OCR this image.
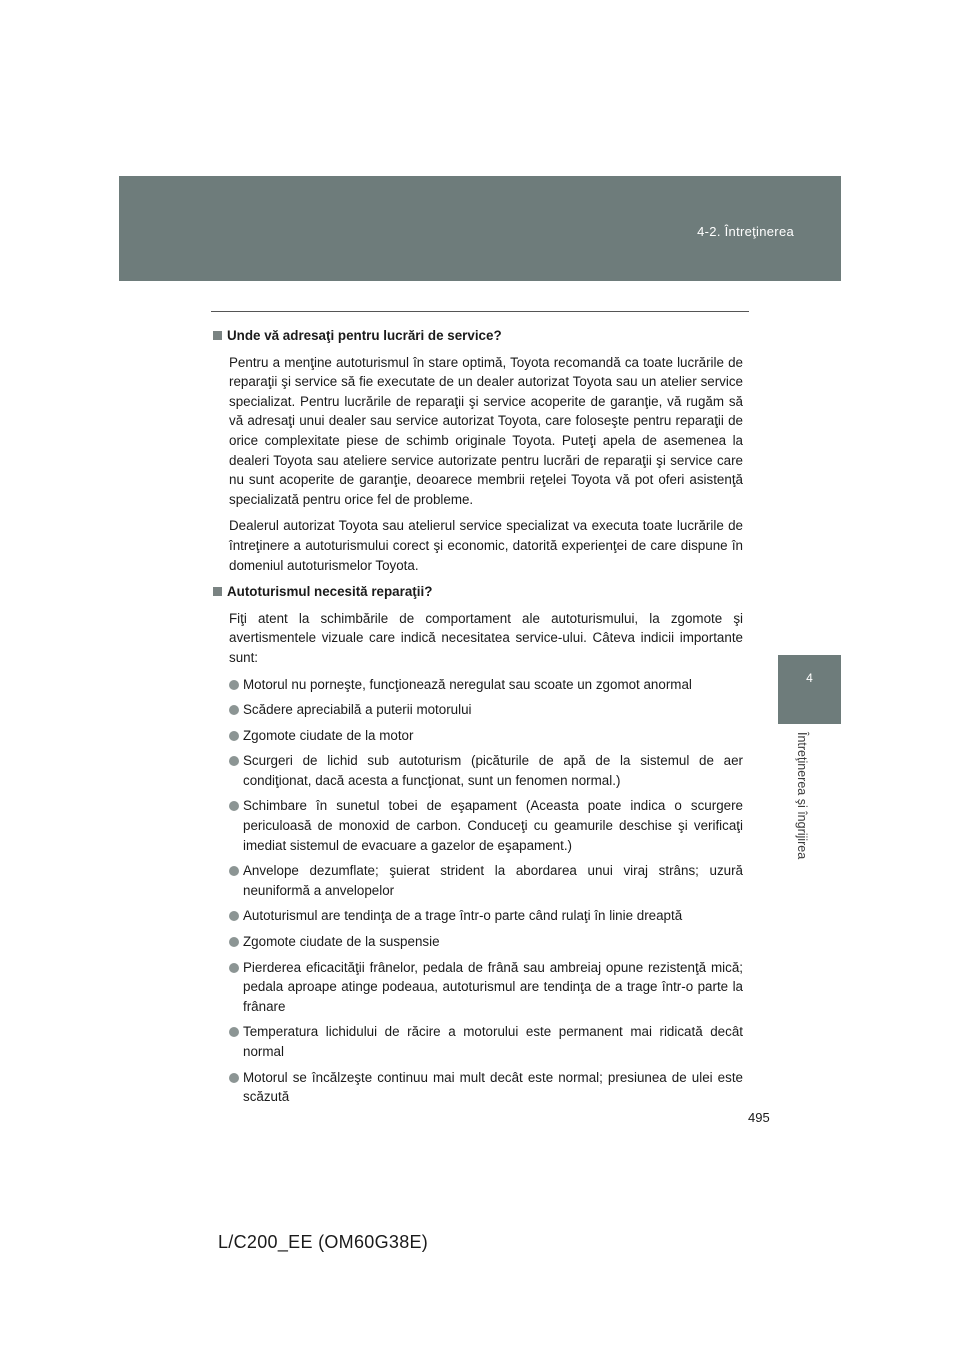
4-2. Întreţinerea
4
Întreţinerea şi îngrijirea
Unde vă adresaţi pentru lucrări de service?

Pentru a menţine autoturismul în stare optimă, Toyota recomandă ca toate lucrările de reparaţii şi service să fie executate de un dealer autorizat Toyota sau un atelier service specializat. Pentru lucrările de reparaţii şi service acoperite de garanţie, vă rugăm să vă adresaţi unui dealer sau service autorizat Toyota, care foloseşte pentru reparaţii de orice complexitate piese de schimb originale Toyota. Puteţi apela de asemenea la dealeri Toyota sau ateliere service autorizate pentru lucrări de reparaţii şi service care nu sunt acoperite de garanţie, deoarece membrii reţelei Toyota vă pot oferi asistenţă specializată pentru orice fel de probleme.

Dealerul autorizat Toyota sau atelierul service specializat va executa toate lucrările de întreţinere a autoturismului corect şi economic, datorită experienţei de care dispune în domeniul autoturismelor Toyota.

Autoturismul necesită reparaţii?

Fiţi atent la schimbările de comportament ale autoturismului, la zgomote şi avertismentele vizuale care indică necesitatea service-ului. Câteva indicii importante sunt:

Motorul nu porneşte, funcţionează neregulat sau scoate un zgomot anormal
Scădere apreciabilă a puterii motorului
Zgomote ciudate de la motor
Scurgeri de lichid sub autoturism (picăturile de apă de la sistemul de aer condiţionat, dacă acesta a funcţionat, sunt un fenomen normal.)
Schimbare în sunetul tobei de eşapament (Aceasta poate indica o scurgere periculoasă de monoxid de carbon. Conduceţi cu geamurile deschise şi verificaţi imediat sistemul de evacuare a gazelor de eşapament.)
Anvelope dezumflate; şuierat strident la abordarea unui viraj strâns; uzură neuniformă a anvelopelor
Autoturismul are tendinţa de a trage într-o parte când rulaţi în linie dreaptă
Zgomote ciudate de la suspensie
Pierderea eficacităţii frânelor, pedala de frână sau ambreiaj opune rezistenţă mică; pedala aproape atinge podeaua, autoturismul are tendinţa de a trage într-o parte la frânare
Temperatura lichidului de răcire a motorului este permanent mai ridicată decât normal
Motorul se încălzeşte continuu mai mult decât este normal; presiunea de ulei este scăzută
495
L/C200_EE (OM60G38E)
